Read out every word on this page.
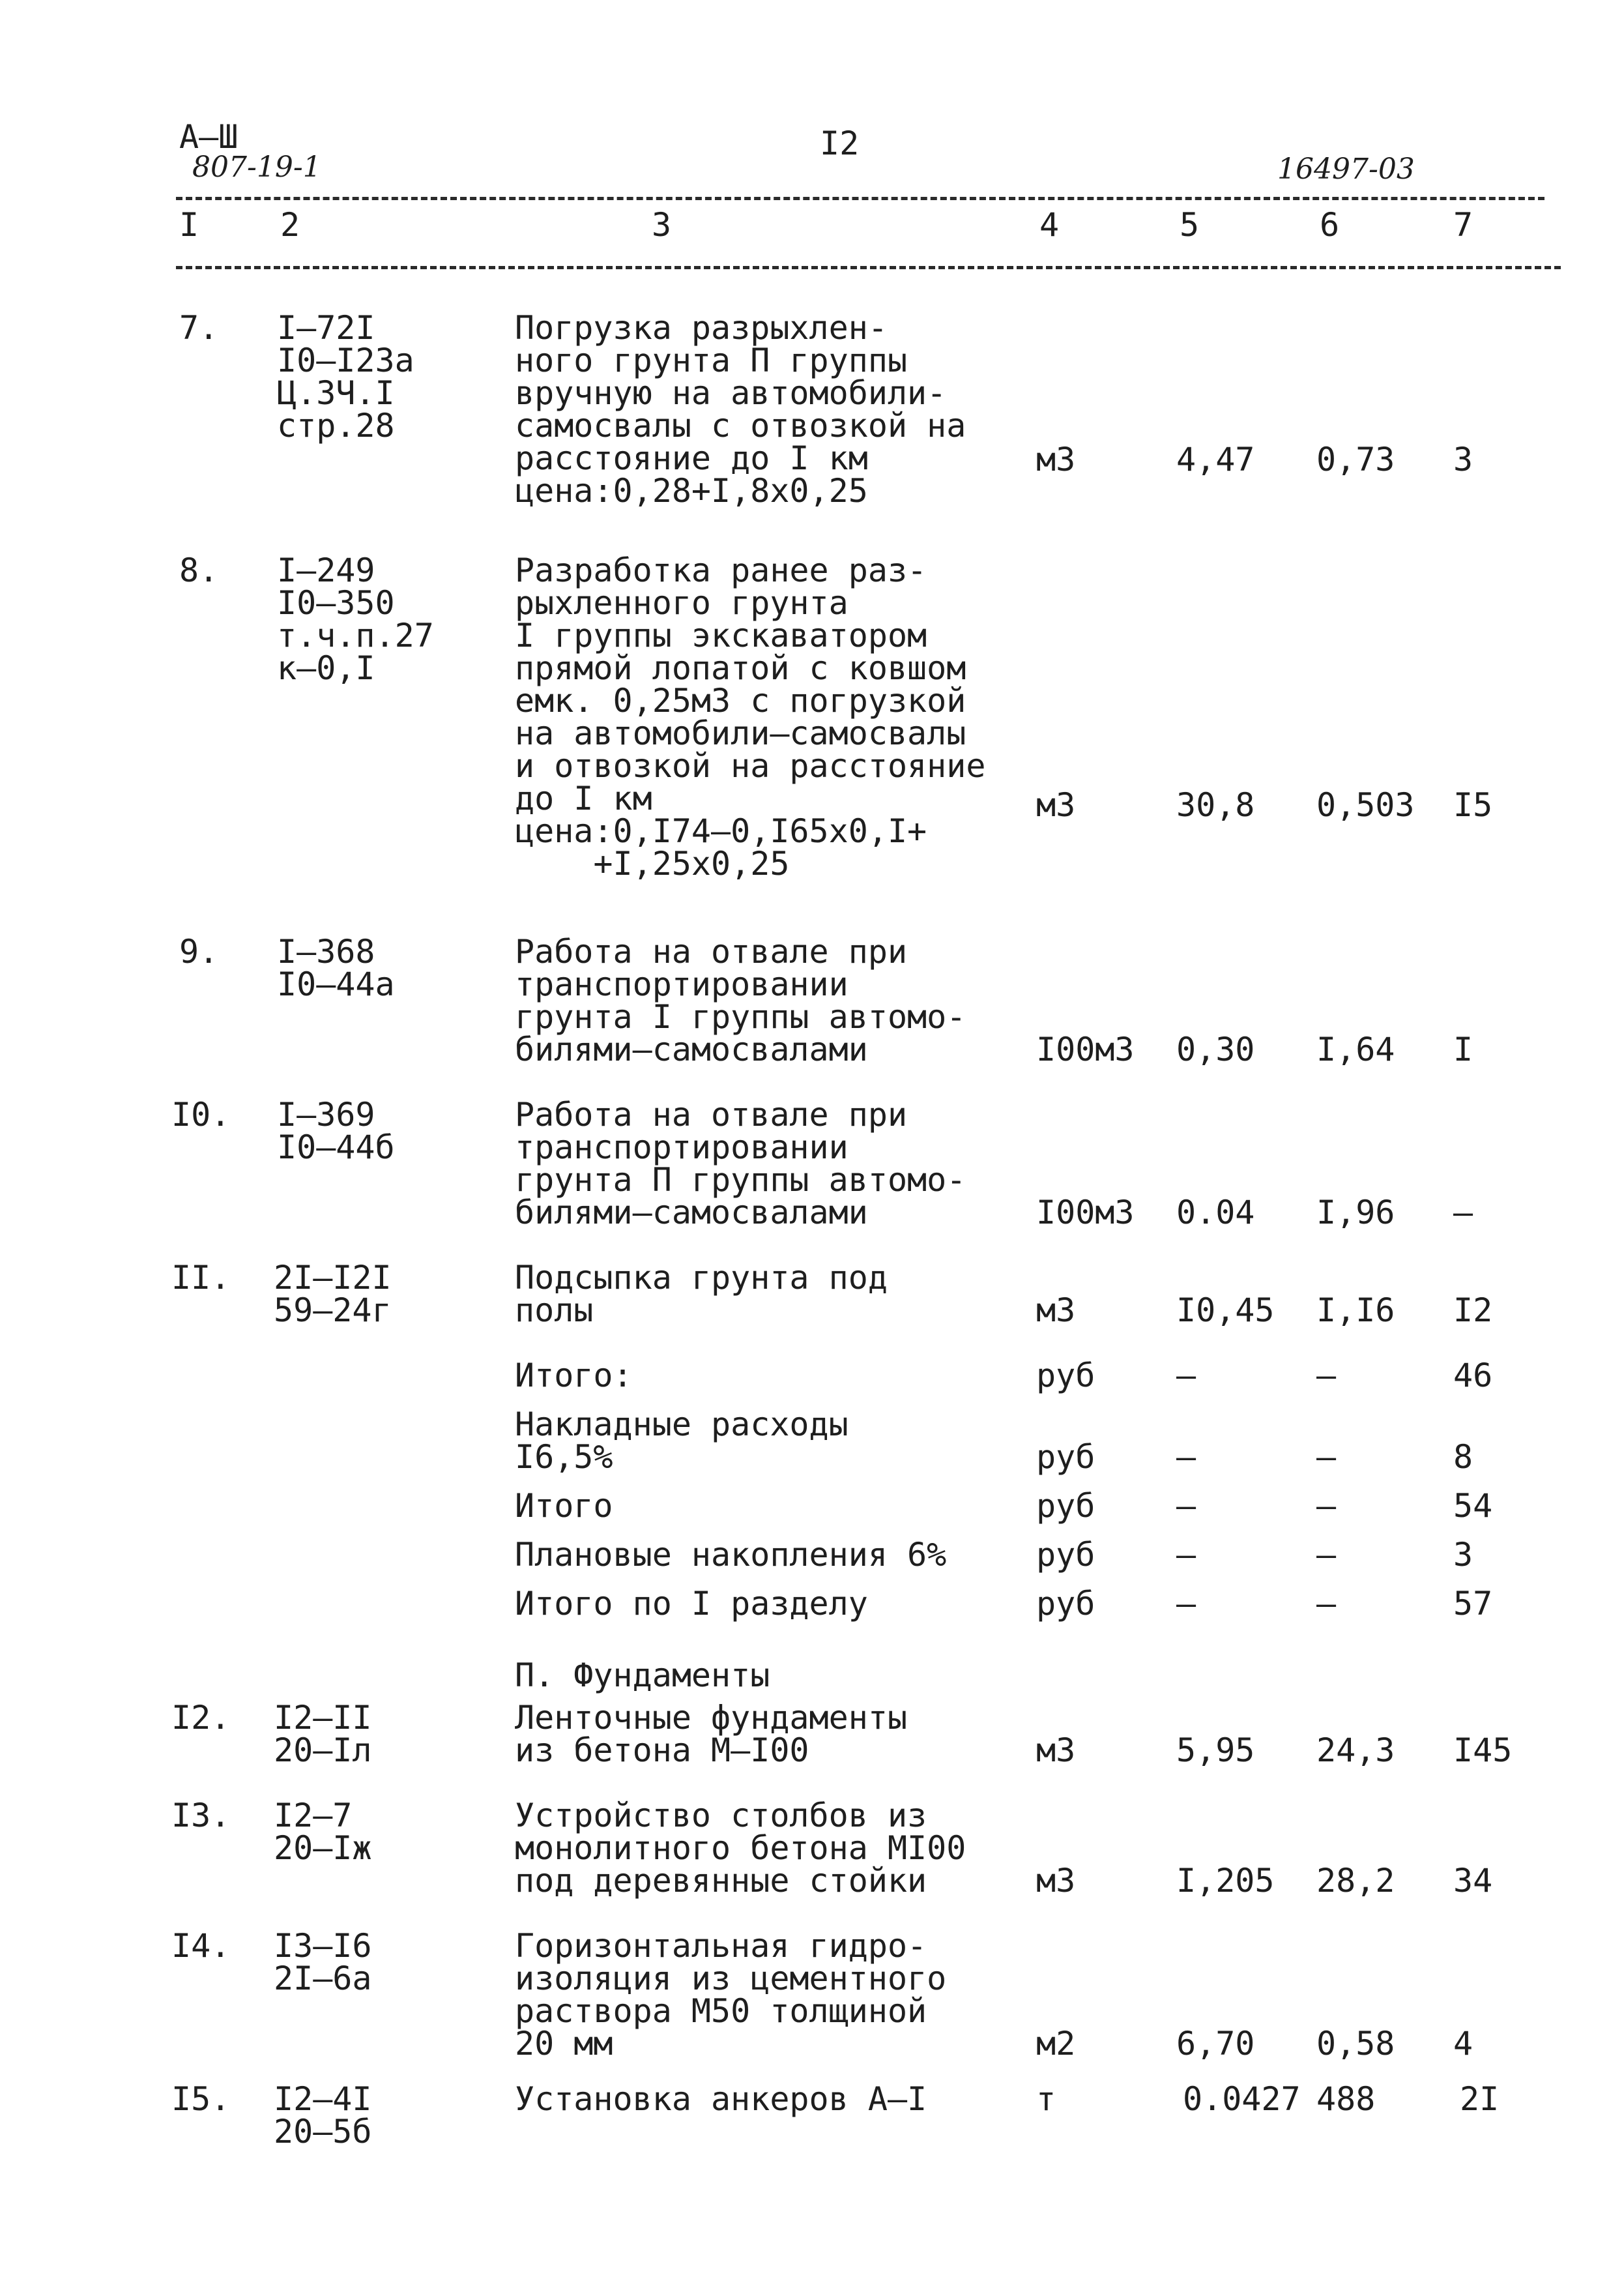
А—Ш
807-19-1
I2
16497-03
I 2	3	4	5	6	7
7. I—72I
I0—I23а
Ц.3Ч.I
стр.28
Погрузка разрыхлен-
ного грунта П группы
вручную на автомобили-
самосвалы с отвозкой на
расстояние до I км
цена:0,28+I,8х0,25
м3	4,47 0,73 3
8. I—249
I0—350
т.ч.п.27
к—0,I
Разработка ранее раз-
рыхленного грунта
I группы экскаватором
прямой лопатой с ковшом
емк. 0,25м3 с погрузкой
на автомобили—самосвалы
и отвозкой на расстояние
до I км
цена:0,I74—0,I65х0,I+
+I,25х0,25
м3	30,8 0,503 I5
9. I—368
I0—44а
Работа на отвале при
транспортировании
грунта I группы автомо-
билями—самосвалами	I00м3 0,30 I,64 I
I0. I—369
I0—44б
Работа на отвале при
транспортировании
грунта П группы автомо-
билями—самосвалами	I00м3 0.04 I,96 —
II. 2I—I2I
59—24г
Подсыпка грунта под
полы	м3	I0,45 I,I6 I2
Итого:	руб —	—	46
Накладные расходы
I6,5%	руб —	—	8
Итого	руб —	—	54
Плановые накопления 6%	руб —	—	3
Итого по I разделу	руб —	—	57
П. Фундаменты
I2. I2—II
20—Iл
Ленточные фундаменты
из бетона М—I00	м3	5,95 24,3 I45
I3. I2—7
20—Iж
Устройство столбов из
монолитного бетона МI00
под деревянные стойки	м3	I,205 28,2 34
I4. I3—I6
2I—6а
Горизонтальная гидро-
изоляция из цементного
раствора М50 толщиной
20 мм	м2	6,70 0,58 4
I5. I2—4I
20—5б
Установка анкеров А—I	т	0.0427 488	2I
